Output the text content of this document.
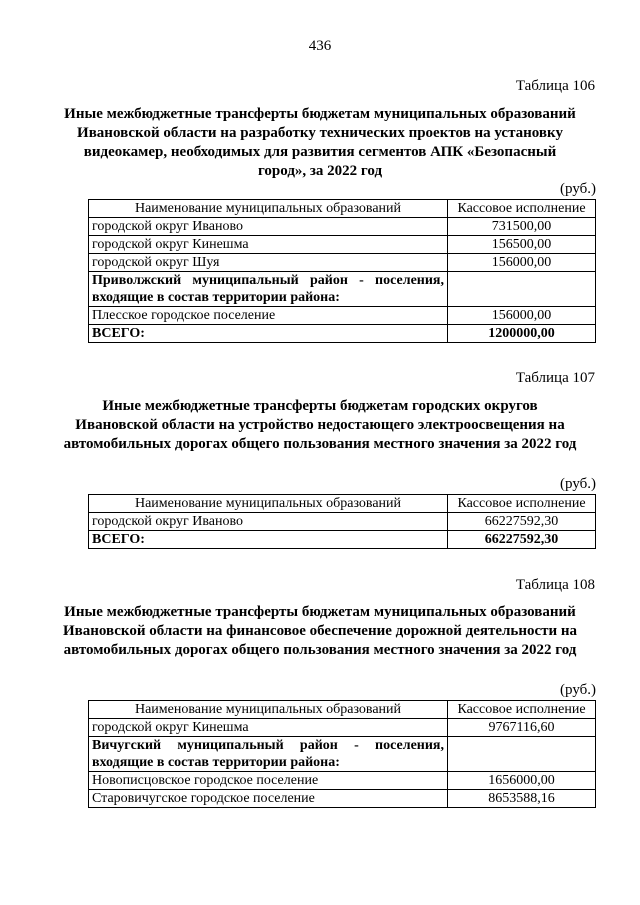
436
Таблица 106
Иные межбюджетные трансферты бюджетам муниципальных образований Ивановской области на разработку технических проектов на установку видеокамер, необходимых для развития сегментов АПК «Безопасный город», за 2022 год
(руб.)
Наименование муниципальных образований	Кассовое исполнение
городской округ Иваново	731500,00
городской округ Кинешма	156500,00
городской округ Шуя	156000,00
Приволжский муниципальный район - поселения, входящие в состав территории района:	
Плесское городское поселение	156000,00
ВСЕГО:	1200000,00
Таблица 107
Иные межбюджетные трансферты бюджетам городских округов Ивановской области на устройство недостающего электроосвещения на автомобильных дорогах общего пользования местного значения за 2022 год
(руб.)
Наименование муниципальных образований	Кассовое исполнение
городской округ Иваново	66227592,30
ВСЕГО:	66227592,30
Таблица 108
Иные межбюджетные трансферты бюджетам муниципальных образований Ивановской области на финансовое обеспечение дорожной деятельности на автомобильных дорогах общего пользования местного значения за 2022 год
(руб.)
Наименование муниципальных образований	Кассовое исполнение
городской округ Кинешма	9767116,60
Вичугский муниципальный район - поселения, входящие в состав территории района:	
Новописцовское городское поселение	1656000,00
Старовичугское городское поселение	8653588,16
